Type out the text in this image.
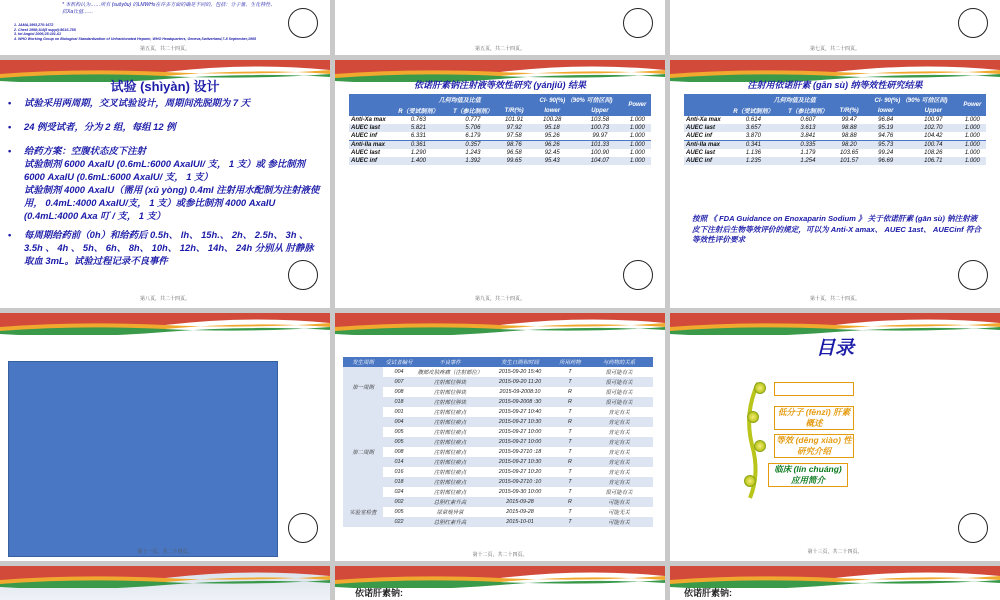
* 本机构认为……所有 (suǒyǒu) 的LMWHs在许多方面的确是不同的，包括：分子量、生化特性、
抗Xa比值……
1. JAMA,1993,270:1672
2. Chest 1998;114(5 suppl):561S-78S
3. Int Angiol 2006;25:101-61
4. WHO Working Group on Biological Standardization of Unfractionated Heparin, WHO Headquarters, Geneva,Switzerland,7-8 September,1995
第五页，共二十四页。	第五页，共二十四页。	第七页，共二十四页。
试验 (shìyàn) 设计
• 试验采用两周期，交叉试验设计，周期间洗脱期为 7 天
• 24 例受试者，分为 2 组，每组 12 例
• 给药方案：空腹状态皮下注射
试验制剂 6000 AxaIU (0.6mL:6000 AxaIUl/ 支， 1 支）或 参比制剂 6000 AxaIU (0.6mL:6000 AxaIU/ 支， 1 支）
试验制剂 4000 AxaIU（需用 (xū yòng) 0.4ml 注射用水配制为注射液使用， 0.4mL:4000 AxaIU/支， 1 支）或参比制剂 4000 AxaIU (0.4mL:4000 Axa 叮 / 支， 1 支）
• 每周期给药前（0h）和给药后 0.5h、 lh、 15h.、 2h、 2.5h、 3h 、 3.5h 、 4h 、 5h、 6h、 8h、 10h、 12h、 14h、 24h 分别从 肘静脉取血 3mL。试验过程记录不良事件
第八页，共二十四页。
依诺肝素钠注射液等效性研究 (yánjiū) 结果
	几何均值及比值			CI- 90(%) （90% 可信区间)		Power
	R（受试制剂）	T（参比制剂）	T/R(%)	lower	Upper	
Anti-Xa max	0.763	0.777	101.91	100.28	103.58	1.000
AUEC last	5.821	5.706	97.92	95.18	100.73	1.000
AUEC inf	6.331	6.179	97.58	95.26	99.97	1.000
Anti-IIa max	0.361	0.357	98.76	96.26	101.33	1.000
AUEC last	1.290	1.243	96.58	92.45	100.90	1.000
AUEC inf	1.400	1.392	99.65	95.43	104.07	1.000
第九页，共二十四页。
注射用依诺肝素 (gān sù) 纳等效性研究结果
	几何均值及比值			CI- 90(%) （90% 可信区间)		Power
	R（受试制剂）	T（参比制剂）	T/R(%)	lower	Upper	
Anti-Xa max	0.614	0.607	99.47	96.84	100.97	1.000
AUEC last	3.657	3.613	98.88	95.19	102.70	1.000
AUEC inf	3.870	3.841	98.88	94.76	104.42	1.000
Anti-IIa max	0.341	0.335	98.20	95.73	100.74	1.000
AUEC last	1.136	1.179	103.65	99.24	108.26	1.000
AUEC inf	1.235	1.254	101.57	96.69	106.71	1.000
按照 《 FDA Guidance on Enoxaparin Sodium 》 关于依诺肝素 (gān sù) 钠注射液皮下注射后生物等效评价的规定，可以为 Anti-X amax、 AUEC 1ast、 AUECinf 符合等效性评价要求
第十页，共二十四页。
第十一页，共二十四页。
发生周期	受试者编号	不良事件	发生日期和时间	所用药物	与药物的关系
第一周期	004	腹部皮肤疼痛（注射部位）	2015-09-20 15:40	T	很可能有关
	007	注射部位肿块	2015-09-20 11:20	T	很可能有关
	008	注射部位肿块	2015-09-2008:10	R	很可能有关
	018	注射部位肿块	2015-09-2008 :30	R	很可能有关
第二周期	001	注射部位瘀点	2015-09-27 10:40	T	肯定有关
	004	注射部位瘀点	2015-09-27 10:30	R	肯定有关
	005	注射部位瘀点	2015-09-27 10:00	T	肯定有关
	005	注射部位瘀点	2015-09-27 10:00	T	肯定有关
	008	注射部位瘀点	2015-09-2710 :18	T	肯定有关
	014	注射部位瘀点	2015-09-27 10:30	R	肯定有关
	016	注射部位瘀点	2015-09-27 10:20	T	肯定有关
	018	注射部位瘀点	2015-09-2710 :10	T	肯定有关
	024	注射部位瘀点	2015-09-30 10:00	T	很可能有关
实验室检查	002	总胆红素升高	2015-09-28	R	可能有关
	005	尿常规异常	2015-09-28	T	可能无关
	022	总胆红素升高	2015-10-01	T	可能有关
第十二页，共二十四页。
目录
低分子 (fēnzǐ) 肝素概述
等效 (děng xiào) 性研究介绍
临床 (lín chuáng) 应用简介
第十三页，共二十四页。
依诺肝素钠:	依诺肝素钠:
